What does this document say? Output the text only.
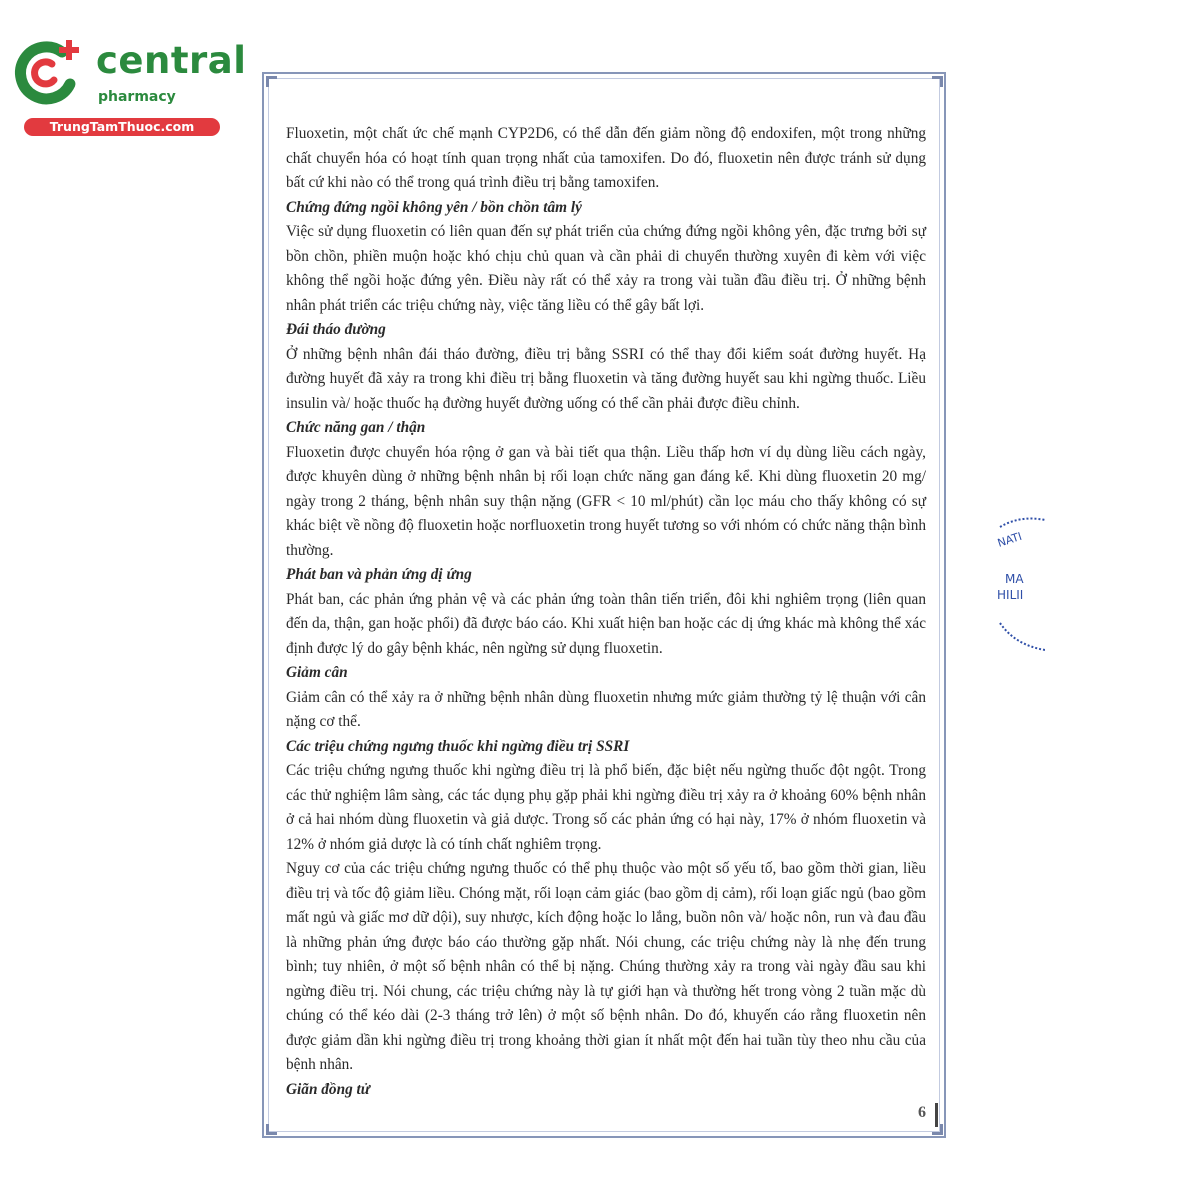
central
pharmacy
TrungTamThuoc.com	Fluoxetin, một chất ức chế mạnh CYP2D6, có thể dẫn đến giảm nồng độ endoxifen, một trong những chất chuyển hóa có hoạt tính quan trọng nhất của tamoxifen. Do đó, fluoxetin nên được tránh sử dụng bất cứ khi nào có thể trong quá trình điều trị bằng tamoxifen.

Chứng đứng ngồi không yên / bồn chồn tâm lý

Việc sử dụng fluoxetin có liên quan đến sự phát triển của chứng đứng ngồi không yên, đặc trưng bởi sự bồn chồn, phiền muộn hoặc khó chịu chủ quan và cần phải di chuyển thường xuyên đi kèm với việc không thể ngồi hoặc đứng yên. Điều này rất có thể xảy ra trong vài tuần đầu điều trị. Ở những bệnh nhân phát triển các triệu chứng này, việc tăng liều có thể gây bất lợi.

Đái tháo đường

Ở những bệnh nhân đái tháo đường, điều trị bằng SSRI có thể thay đổi kiểm soát đường huyết. Hạ đường huyết đã xảy ra trong khi điều trị bằng fluoxetin và tăng đường huyết sau khi ngừng thuốc. Liều insulin và/ hoặc thuốc hạ đường huyết đường uống có thể cần phải được điều chỉnh.

Chức năng gan / thận

Fluoxetin được chuyển hóa rộng ở gan và bài tiết qua thận. Liều thấp hơn ví dụ dùng liều cách ngày, được khuyên dùng ở những bệnh nhân bị rối loạn chức năng gan đáng kể. Khi dùng fluoxetin 20 mg/ ngày trong 2 tháng, bệnh nhân suy thận nặng (GFR < 10 ml/phút) cần lọc máu cho thấy không có sự khác biệt về nồng độ fluoxetin hoặc norfluoxetin trong huyết tương so với nhóm có chức năng thận bình thường.

Phát ban và phản ứng dị ứng

Phát ban, các phản ứng phản vệ và các phản ứng toàn thân tiến triển, đôi khi nghiêm trọng (liên quan đến da, thận, gan hoặc phổi) đã được báo cáo. Khi xuất hiện ban hoặc các dị ứng khác mà không thể xác định được lý do gây bệnh khác, nên ngừng sử dụng fluoxetin.

Giảm cân

Giảm cân có thể xảy ra ở những bệnh nhân dùng fluoxetin nhưng mức giảm thường tỷ lệ thuận với cân nặng cơ thể.

Các triệu chứng ngưng thuốc khi ngừng điều trị SSRI

Các triệu chứng ngưng thuốc khi ngừng điều trị là phổ biến, đặc biệt nếu ngừng thuốc đột ngột. Trong các thử nghiệm lâm sàng, các tác dụng phụ gặp phải khi ngừng điều trị xảy ra ở khoảng 60% bệnh nhân ở cả hai nhóm dùng fluoxetin và giả dược. Trong số các phản ứng có hại này, 17% ở nhóm fluoxetin và 12% ở nhóm giả dược là có tính chất nghiêm trọng.

Nguy cơ của các triệu chứng ngưng thuốc có thể phụ thuộc vào một số yếu tố, bao gồm thời gian, liều điều trị và tốc độ giảm liều. Chóng mặt, rối loạn cảm giác (bao gồm dị cảm), rối loạn giấc ngủ (bao gồm mất ngủ và giấc mơ dữ dội), suy nhược, kích động hoặc lo lắng, buồn nôn và/ hoặc nôn, run và đau đầu là những phản ứng được báo cáo thường gặp nhất. Nói chung, các triệu chứng này là nhẹ đến trung bình; tuy nhiên, ở một số bệnh nhân có thể bị nặng. Chúng thường xảy ra trong vài ngày đầu sau khi ngừng điều trị. Nói chung, các triệu chứng này là tự giới hạn và thường hết trong vòng 2 tuần mặc dù chúng có thể kéo dài (2-3 tháng trở lên) ở một số bệnh nhân. Do đó, khuyến cáo rằng fluoxetin nên được giảm dần khi ngừng điều trị trong khoảng thời gian ít nhất một đến hai tuần tùy theo nhu cầu của bệnh nhân.

Giãn đồng tử
6
NATI
MA
HILII
